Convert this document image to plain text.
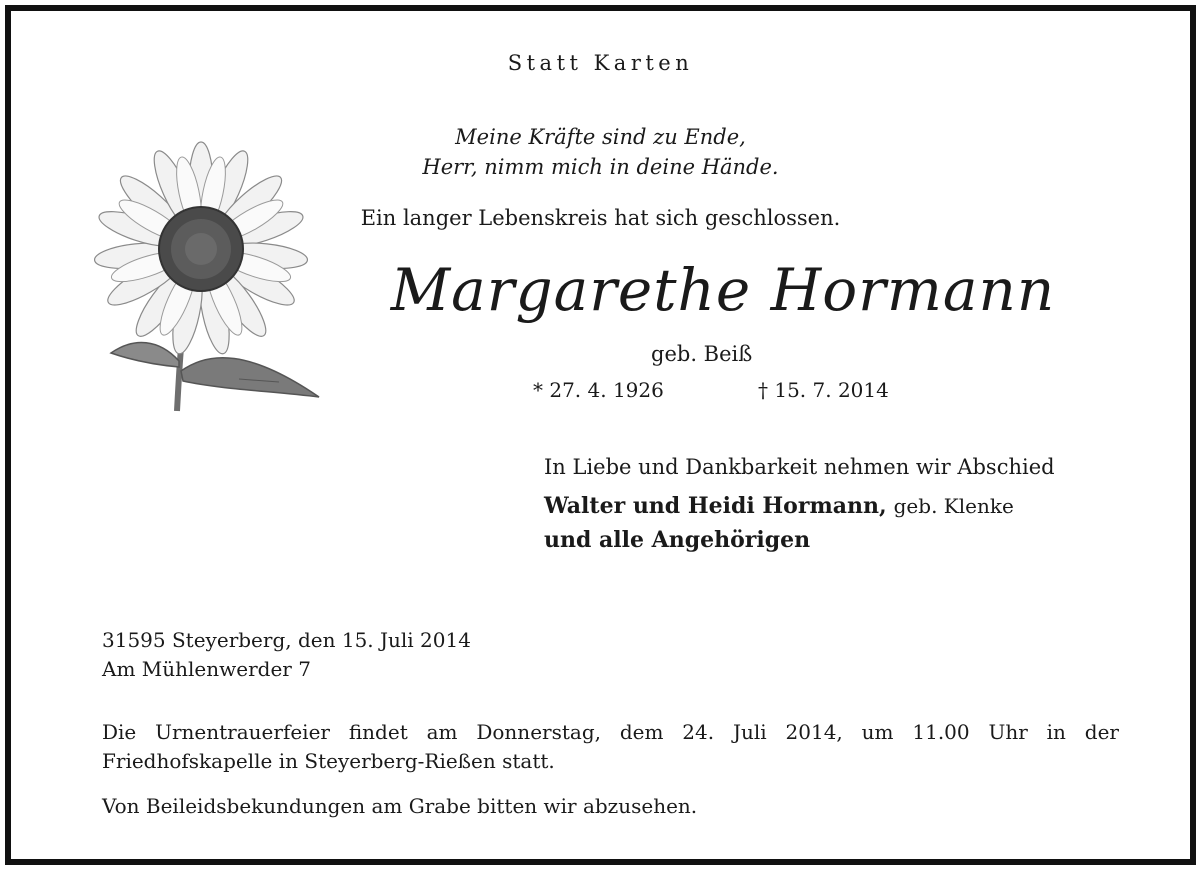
Statt Karten
Meine Kräfte sind zu Ende,
Herr, nimm mich in deine Hände.
Ein langer Lebenskreis hat sich geschlossen.
Margarethe Hormann
geb. Beiß
* 27. 4. 1926	† 15. 7. 2014
In Liebe und Dankbarkeit nehmen wir Abschied
Walter und Heidi Hormann, geb. Klenke
und alle Angehörigen
31595 Steyerberg, den 15. Juli 2014
Am Mühlenwerder 7
Die Urnentrauerfeier findet am Donnerstag, dem 24. Juli 2014, um 11.00 Uhr in der Friedhofskapelle in Steyerberg-Rießen statt.
Von Beileidsbekundungen am Grabe bitten wir abzusehen.
